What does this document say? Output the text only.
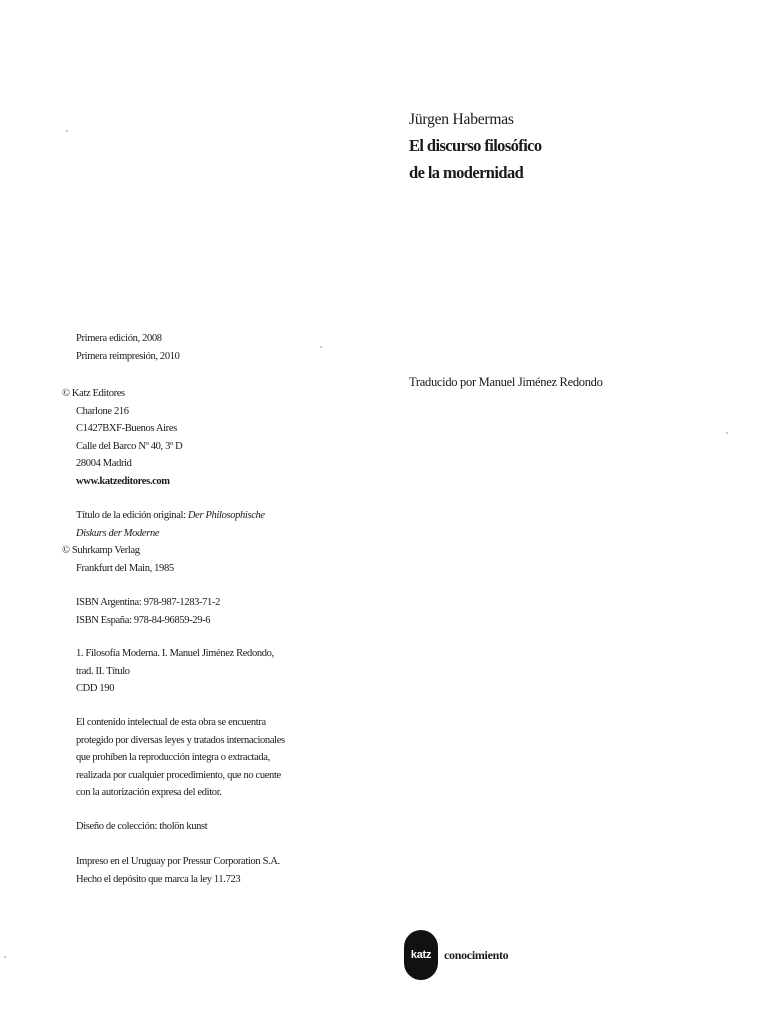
Jürgen Habermas
El discurso filosófico
de la modernidad
Traducido por Manuel Jiménez Redondo
Primera edición, 2008
Primera reimpresión, 2010
© Katz Editores
Charlone 216
C1427BXF-Buenos Aires
Calle del Barco Nº 40, 3º D
28004 Madrid
www.katzeditores.com
Título de la edición original: Der Philosophische
Diskurs der Moderne
© Suhrkamp Verlag
Frankfurt del Main, 1985
ISBN Argentina: 978-987-1283-71-2
ISBN España: 978-84-96859-29-6
1. Filosofía Moderna. I. Manuel Jiménez Redondo,
trad. II. Título
CDD 190
El contenido intelectual de esta obra se encuentra
protegido por diversas leyes y tratados internacionales
que prohíben la reproducción íntegra o extractada,
realizada por cualquier procedimiento, que no cuente
con la autorización expresa del editor.
Diseño de colección: tholön kunst
Impreso en el Uruguay por Pressur Corporation S.A.
Hecho el depósito que marca la ley 11.723
katz	conocimiento
